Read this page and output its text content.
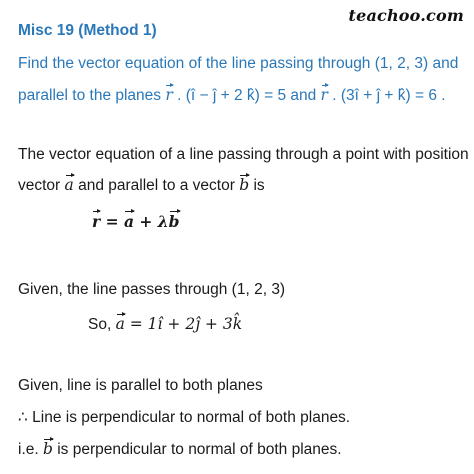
teachoo.com
Misc 19 (Method 1)
Find the vector equation of the line passing through (1, 2, 3) and
parallel to the planes r . (î − ĵ + 2 k̂) = 5 and r . (3î + ĵ + k̂) = 6 .
The vector equation of a line passing through a point with position
vector a and parallel to a vector b is
r = a + λb
Given, the line passes through (1, 2, 3)
So, a = 1î + 2ĵ + 3k̂
Given, line is parallel to both planes
∴ Line is perpendicular to normal of both planes.
i.e. b is perpendicular to normal of both planes.
